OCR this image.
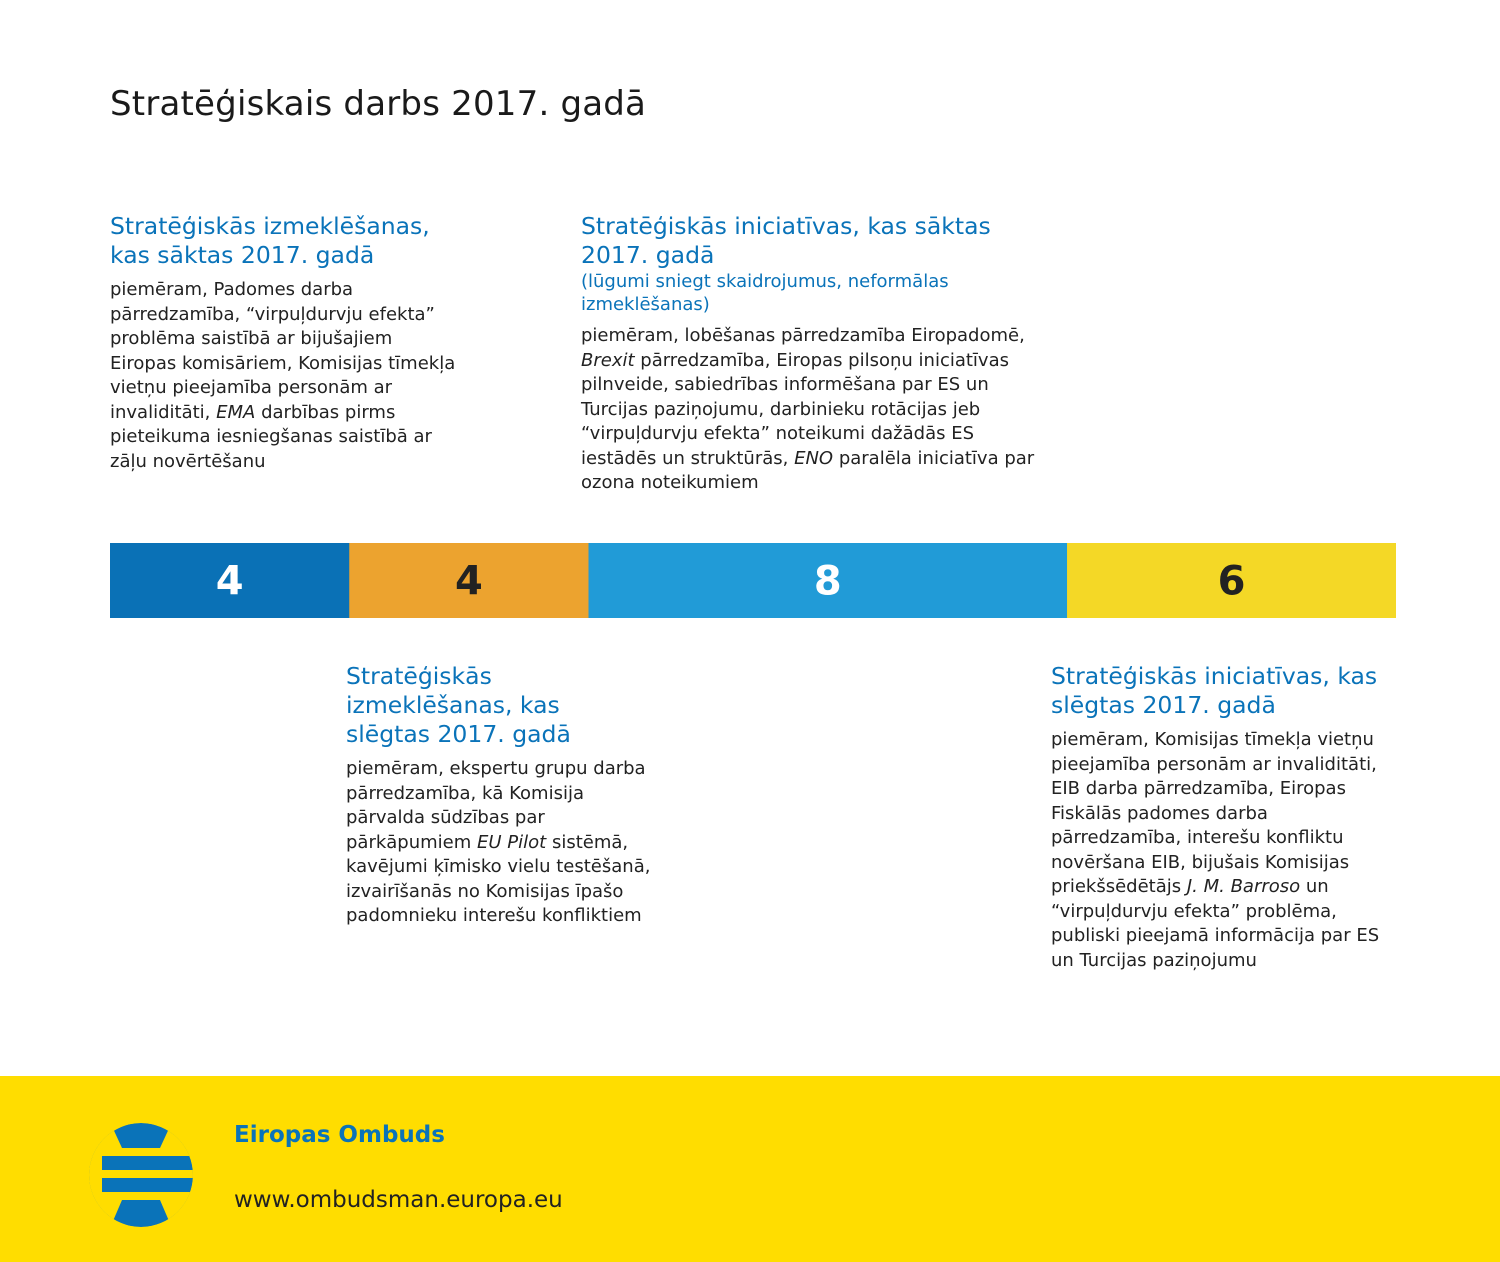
Stratēģiskais darbs 2017. gadā
Stratēģiskās izmeklēšanas,
kas sāktas 2017. gadā

piemēram, Padomes darba pārredzamība, “virpuļdurvju efekta” problēma saistībā ar bijušajiem Eiropas komisāriem, Komisijas tīmekļa vietņu pieejamība personām ar invaliditāti, EMA darbības pirms pieteikuma iesniegšanas saistībā ar zāļu novērtēšanu

Stratēģiskās iniciatīvas, kas sāktas
2017. gadā

(lūgumi sniegt skaidrojumus, neformālas izmeklēšanas)

piemēram, lobēšanas pārredzamība Eiropadomē, Brexit pārredzamība, Eiropas pilsoņu iniciatīvas pilnveide, sabiedrības informēšana par ES un Turcijas paziņojumu, darbinieku rotācijas jeb “virpuļdurvju efekta” noteikumi dažādās ES iestādēs un struktūrās, ENO paralēla iniciatīva par ozona noteikumiem

4	4	8	6
Stratēģiskās
izmeklēšanas, kas
slēgtas 2017. gadā

piemēram, ekspertu grupu darba pārredzamība, kā Komisija pārvalda sūdzības par pārkāpumiem EU Pilot sistēmā, kavējumi ķīmisko vielu testēšanā, izvairīšanās no Komisijas īpašo padomnieku interešu konfliktiem

Stratēģiskās iniciatīvas, kas
slēgtas 2017. gadā

piemēram, Komisijas tīmekļa vietņu pieejamība personām ar invaliditāti, EIB darba pārredzamība, Eiropas Fiskālās padomes darba pārredzamība, interešu konfliktu novēršana EIB, bijušais Komisijas priekšsēdētājs J. M. Barroso un “virpuļdurvju efekta” problēma, publiski pieejamā informācija par ES un Turcijas paziņojumu

Eiropas Ombuds
www.ombudsman.europa.eu
